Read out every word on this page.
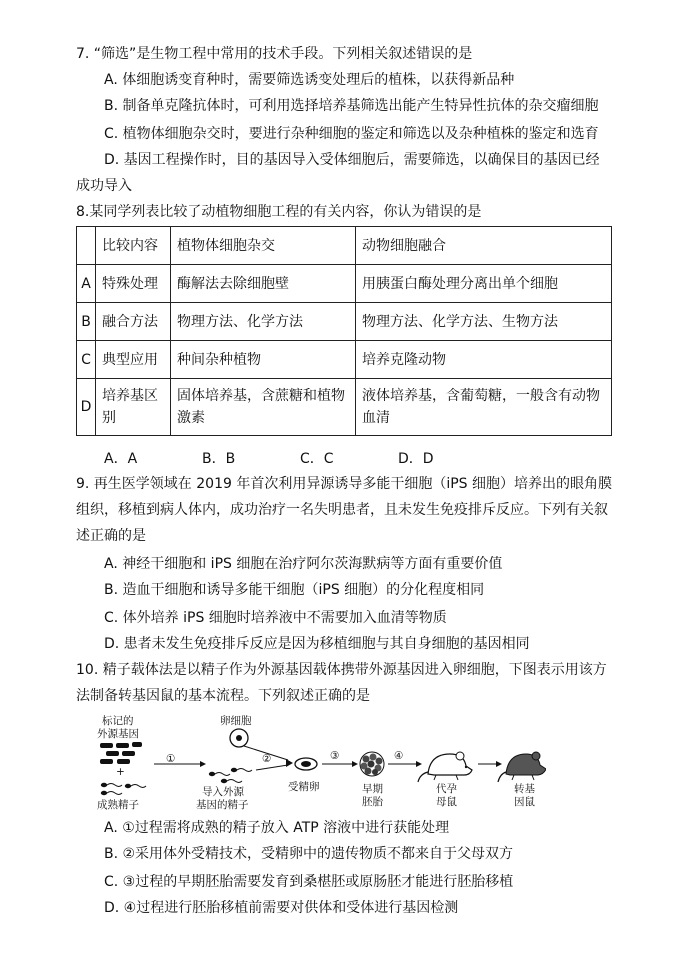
7. “筛选”是生物工程中常用的技术手段。下列相关叙述错误的是
A. 体细胞诱变育种时，需要筛选诱变处理后的植株，以获得新品种
B. 制备单克隆抗体时，可利用选择培养基筛选出能产生特异性抗体的杂交瘤细胞
C. 植物体细胞杂交时，要进行杂种细胞的鉴定和筛选以及杂种植株的鉴定和选育
D. 基因工程操作时，目的基因导入受体细胞后，需要筛选，以确保目的基因已经
成功导入
8.某同学列表比较了动植物细胞工程的有关内容，你认为错误的是
	比较内容	植物体细胞杂交	动物细胞融合
A	特殊处理	酶解法去除细胞壁	用胰蛋白酶处理分离出单个细胞
B	融合方法	物理方法、化学方法	物理方法、化学方法、生物方法
C	典型应用	种间杂种植物	培养克隆动物
D	培养基区别	固体培养基，含蔗糖和植物激素	液体培养基，含葡萄糖，一般含有动物血清
A．A	B．B	C．C	D．D
9. 再生医学领域在 2019 年首次利用异源诱导多能干细胞（iPS 细胞）培养出的眼角膜
组织，移植到病人体内，成功治疗一名失明患者，且未发生免疫排斥反应。下列有关叙
述正确的是
A. 神经干细胞和 iPS 细胞在治疗阿尔茨海默病等方面有重要价值
B. 造血干细胞和诱导多能干细胞（iPS 细胞）的分化程度相同
C. 体外培养 iPS 细胞时培养液中不需要加入血清等物质
D. 患者未发生免疫排斥反应是因为移植细胞与其自身细胞的基因相同
10. 精子载体法是以精子作为外源基因载体携带外源基因进入卵细胞，下图表示用该方
法制备转基因鼠的基本流程。下列叙述正确的是
标记的
外源基因
+
成熟精子
①
导入外源
基因的精子
卵细胞
②
受精卵
③
早期
胚胎
④
代孕
母鼠
转基
因鼠
A. ①过程需将成熟的精子放入 ATP 溶液中进行获能处理
B. ②采用体外受精技术，受精卵中的遗传物质不都来自于父母双方
C. ③过程的早期胚胎需要发育到桑椹胚或原肠胚才能进行胚胎移植
D. ④过程进行胚胎移植前需要对供体和受体进行基因检测
